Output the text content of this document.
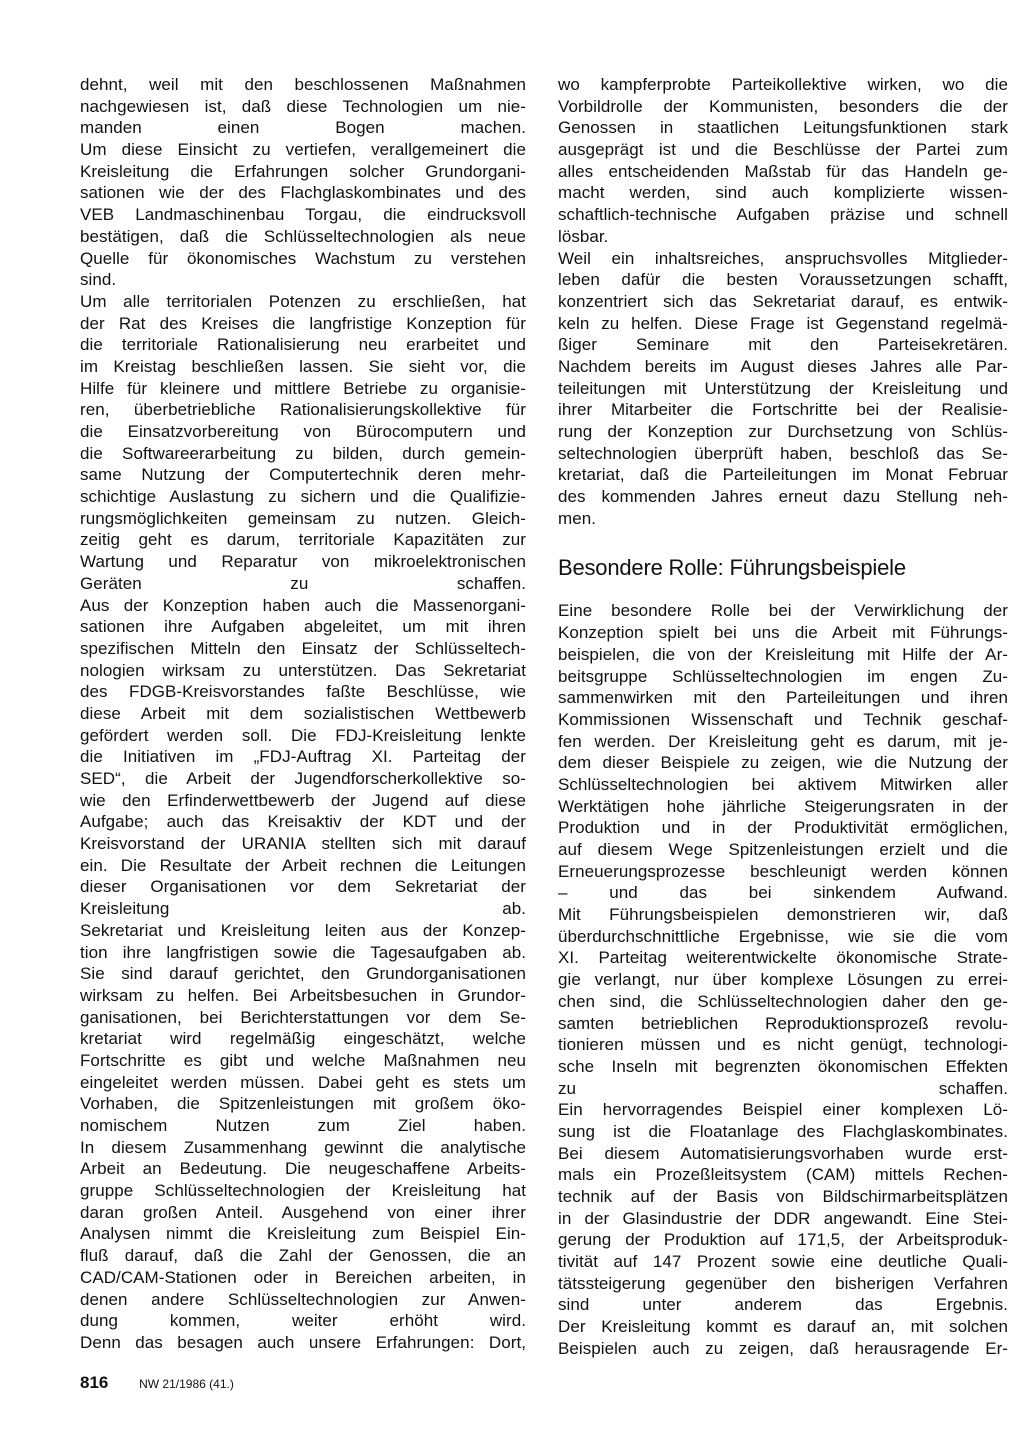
dehnt, weil mit den beschlossenen Maßnahmen
nachgewiesen ist, daß diese Technologien um nie-
manden einen Bogen machen.
Um diese Einsicht zu vertiefen, verallgemeinert die
Kreisleitung die Erfahrungen solcher Grundorgani-
sationen wie der des Flachglaskombinates und des
VEB Landmaschinenbau Torgau, die eindrucksvoll
bestätigen, daß die Schlüsseltechnologien als neue
Quelle für ökonomisches Wachstum zu verstehen
sind.
Um alle territorialen Potenzen zu erschließen, hat
der Rat des Kreises die langfristige Konzeption für
die territoriale Rationalisierung neu erarbeitet und
im Kreistag beschließen lassen. Sie sieht vor, die
Hilfe für kleinere und mittlere Betriebe zu organisie-
ren, überbetriebliche Rationalisierungskollektive für
die Einsatzvorbereitung von Bürocomputern und
die Softwareerarbeitung zu bilden, durch gemein-
same Nutzung der Computertechnik deren mehr-
schichtige Auslastung zu sichern und die Qualifizie-
rungsmöglichkeiten gemeinsam zu nutzen. Gleich-
zeitig geht es darum, territoriale Kapazitäten zur
Wartung und Reparatur von mikroelektronischen
Geräten zu schaffen.
Aus der Konzeption haben auch die Massenorgani-
sationen ihre Aufgaben abgeleitet, um mit ihren
spezifischen Mitteln den Einsatz der Schlüsseltech-
nologien wirksam zu unterstützen. Das Sekretariat
des FDGB-Kreisvorstandes faßte Beschlüsse, wie
diese Arbeit mit dem sozialistischen Wettbewerb
gefördert werden soll. Die FDJ-Kreisleitung lenkte
die Initiativen im „FDJ-Auftrag XI. Parteitag der
SED“, die Arbeit der Jugendforscherkollektive so-
wie den Erfinderwettbewerb der Jugend auf diese
Aufgabe; auch das Kreisaktiv der KDT und der
Kreisvorstand der URANIA stellten sich mit darauf
ein. Die Resultate der Arbeit rechnen die Leitungen
dieser Organisationen vor dem Sekretariat der
Kreisleitung ab.
Sekretariat und Kreisleitung leiten aus der Konzep-
tion ihre langfristigen sowie die Tagesaufgaben ab.
Sie sind darauf gerichtet, den Grundorganisationen
wirksam zu helfen. Bei Arbeitsbesuchen in Grundor-
ganisationen, bei Berichterstattungen vor dem Se-
kretariat wird regelmäßig eingeschätzt, welche
Fortschritte es gibt und welche Maßnahmen neu
eingeleitet werden müssen. Dabei geht es stets um
Vorhaben, die Spitzenleistungen mit großem öko-
nomischem Nutzen zum Ziel haben.
In diesem Zusammenhang gewinnt die analytische
Arbeit an Bedeutung. Die neugeschaffene Arbeits-
gruppe Schlüsseltechnologien der Kreisleitung hat
daran großen Anteil. Ausgehend von einer ihrer
Analysen nimmt die Kreisleitung zum Beispiel Ein-
fluß darauf, daß die Zahl der Genossen, die an
CAD/CAM-Stationen oder in Bereichen arbeiten, in
denen andere Schlüsseltechnologien zur Anwen-
dung kommen, weiter erhöht wird.
Denn das besagen auch unsere Erfahrungen: Dort,
wo kampferprobte Parteikollektive wirken, wo die
Vorbildrolle der Kommunisten, besonders die der
Genossen in staatlichen Leitungsfunktionen stark
ausgeprägt ist und die Beschlüsse der Partei zum
alles entscheidenden Maßstab für das Handeln ge-
macht werden, sind auch komplizierte wissen-
schaftlich-technische Aufgaben präzise und schnell
lösbar.
Weil ein inhaltsreiches, anspruchsvolles Mitglieder-
leben dafür die besten Voraussetzungen schafft,
konzentriert sich das Sekretariat darauf, es entwik-
keln zu helfen. Diese Frage ist Gegenstand regelmä-
ßiger Seminare mit den Parteisekretären.
Nachdem bereits im August dieses Jahres alle Par-
teileitungen mit Unterstützung der Kreisleitung und
ihrer Mitarbeiter die Fortschritte bei der Realisie-
rung der Konzeption zur Durchsetzung von Schlüs-
seltechnologien überprüft haben, beschloß das Se-
kretariat, daß die Parteileitungen im Monat Februar
des kommenden Jahres erneut dazu Stellung neh-
men.
Besondere Rolle: Führungsbeispiele
Eine besondere Rolle bei der Verwirklichung der
Konzeption spielt bei uns die Arbeit mit Führungs-
beispielen, die von der Kreisleitung mit Hilfe der Ar-
beitsgruppe Schlüsseltechnologien im engen Zu-
sammenwirken mit den Parteileitungen und ihren
Kommissionen Wissenschaft und Technik geschaf-
fen werden. Der Kreisleitung geht es darum, mit je-
dem dieser Beispiele zu zeigen, wie die Nutzung der
Schlüsseltechnologien bei aktivem Mitwirken aller
Werktätigen hohe jährliche Steigerungsraten in der
Produktion und in der Produktivität ermöglichen,
auf diesem Wege Spitzenleistungen erzielt und die
Erneuerungsprozesse beschleunigt werden können
– und das bei sinkendem Aufwand.
Mit Führungsbeispielen demonstrieren wir, daß
überdurchschnittliche Ergebnisse, wie sie die vom
XI. Parteitag weiterentwickelte ökonomische Strate-
gie verlangt, nur über komplexe Lösungen zu errei-
chen sind, die Schlüsseltechnologien daher den ge-
samten betrieblichen Reproduktionsprozeß revolu-
tionieren müssen und es nicht genügt, technologi-
sche Inseln mit begrenzten ökonomischen Effekten
zu schaffen.
Ein hervorragendes Beispiel einer komplexen Lö-
sung ist die Floatanlage des Flachglaskombinates.
Bei diesem Automatisierungsvorhaben wurde erst-
mals ein Prozeßleitsystem (CAM) mittels Rechen-
technik auf der Basis von Bildschirmarbeitsplätzen
in der Glasindustrie der DDR angewandt. Eine Stei-
gerung der Produktion auf 171,5, der Arbeitsproduk-
tivität auf 147 Prozent sowie eine deutliche Quali-
tätssteigerung gegenüber den bisherigen Verfahren
sind unter anderem das Ergebnis.
Der Kreisleitung kommt es darauf an, mit solchen
Beispielen auch zu zeigen, daß herausragende Er-
816	NW 21/1986 (41.)
